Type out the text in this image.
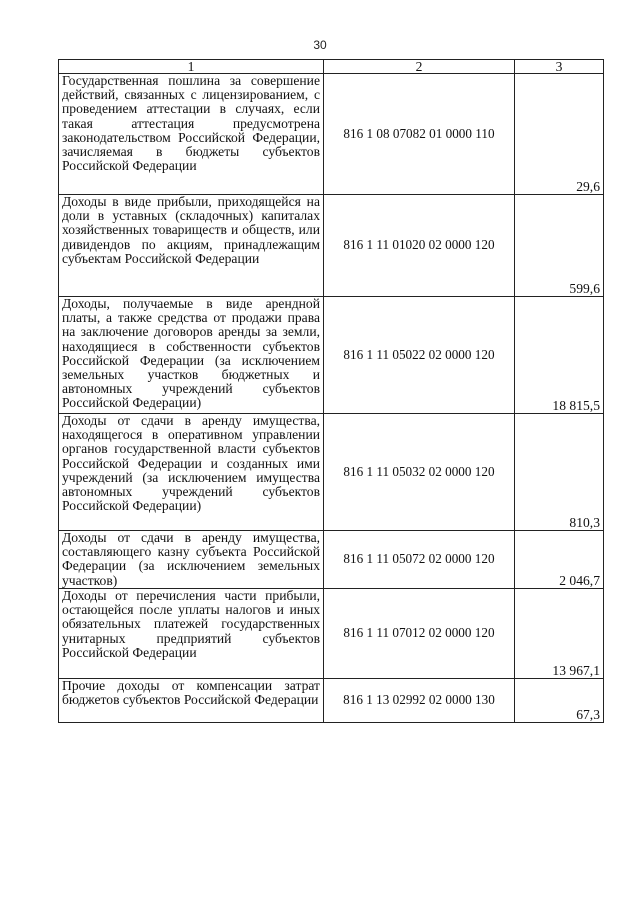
30
1	2	3
Государственная пошлина за совершение действий, связанных с лицензированием, с проведением аттестации в случаях, если такая аттестация предусмотрена законодательством Российской Федерации, зачисляемая в бюджеты субъектов Российской Федерации	816 1 08 07082 01 0000 110	29,6
Доходы в виде прибыли, приходящейся на доли в уставных (складочных) капиталах хозяйственных товариществ и обществ, или дивидендов по акциям, принадлежащим субъектам Российской Федерации	816 1 11 01020 02 0000 120	599,6
Доходы, получаемые в виде арендной платы, а также средства от продажи права на заключение договоров аренды за земли, находящиеся в собственности субъектов Российской Федерации (за исключением земельных участков бюджетных и автономных учреждений субъектов Российской Федерации)	816 1 11 05022 02 0000 120	18 815,5
Доходы от сдачи в аренду имущества, находящегося в оперативном управлении органов государственной власти субъектов Российской Федерации и созданных ими учреждений (за исключением имущества автономных учреждений субъектов Российской Федерации)	816 1 11 05032 02 0000 120	810,3
Доходы от сдачи в аренду имущества, составляющего казну субъекта Российской Федерации (за исключением земельных участков)	816 1 11 05072 02 0000 120	2 046,7
Доходы от перечисления части прибыли, остающейся после уплаты налогов и иных обязательных платежей государственных унитарных предприятий субъектов Российской Федерации	816 1 11 07012 02 0000 120	13 967,1
Прочие доходы от компенсации затрат бюджетов субъектов Российской Федерации	816 1 13 02992 02 0000 130	67,3
